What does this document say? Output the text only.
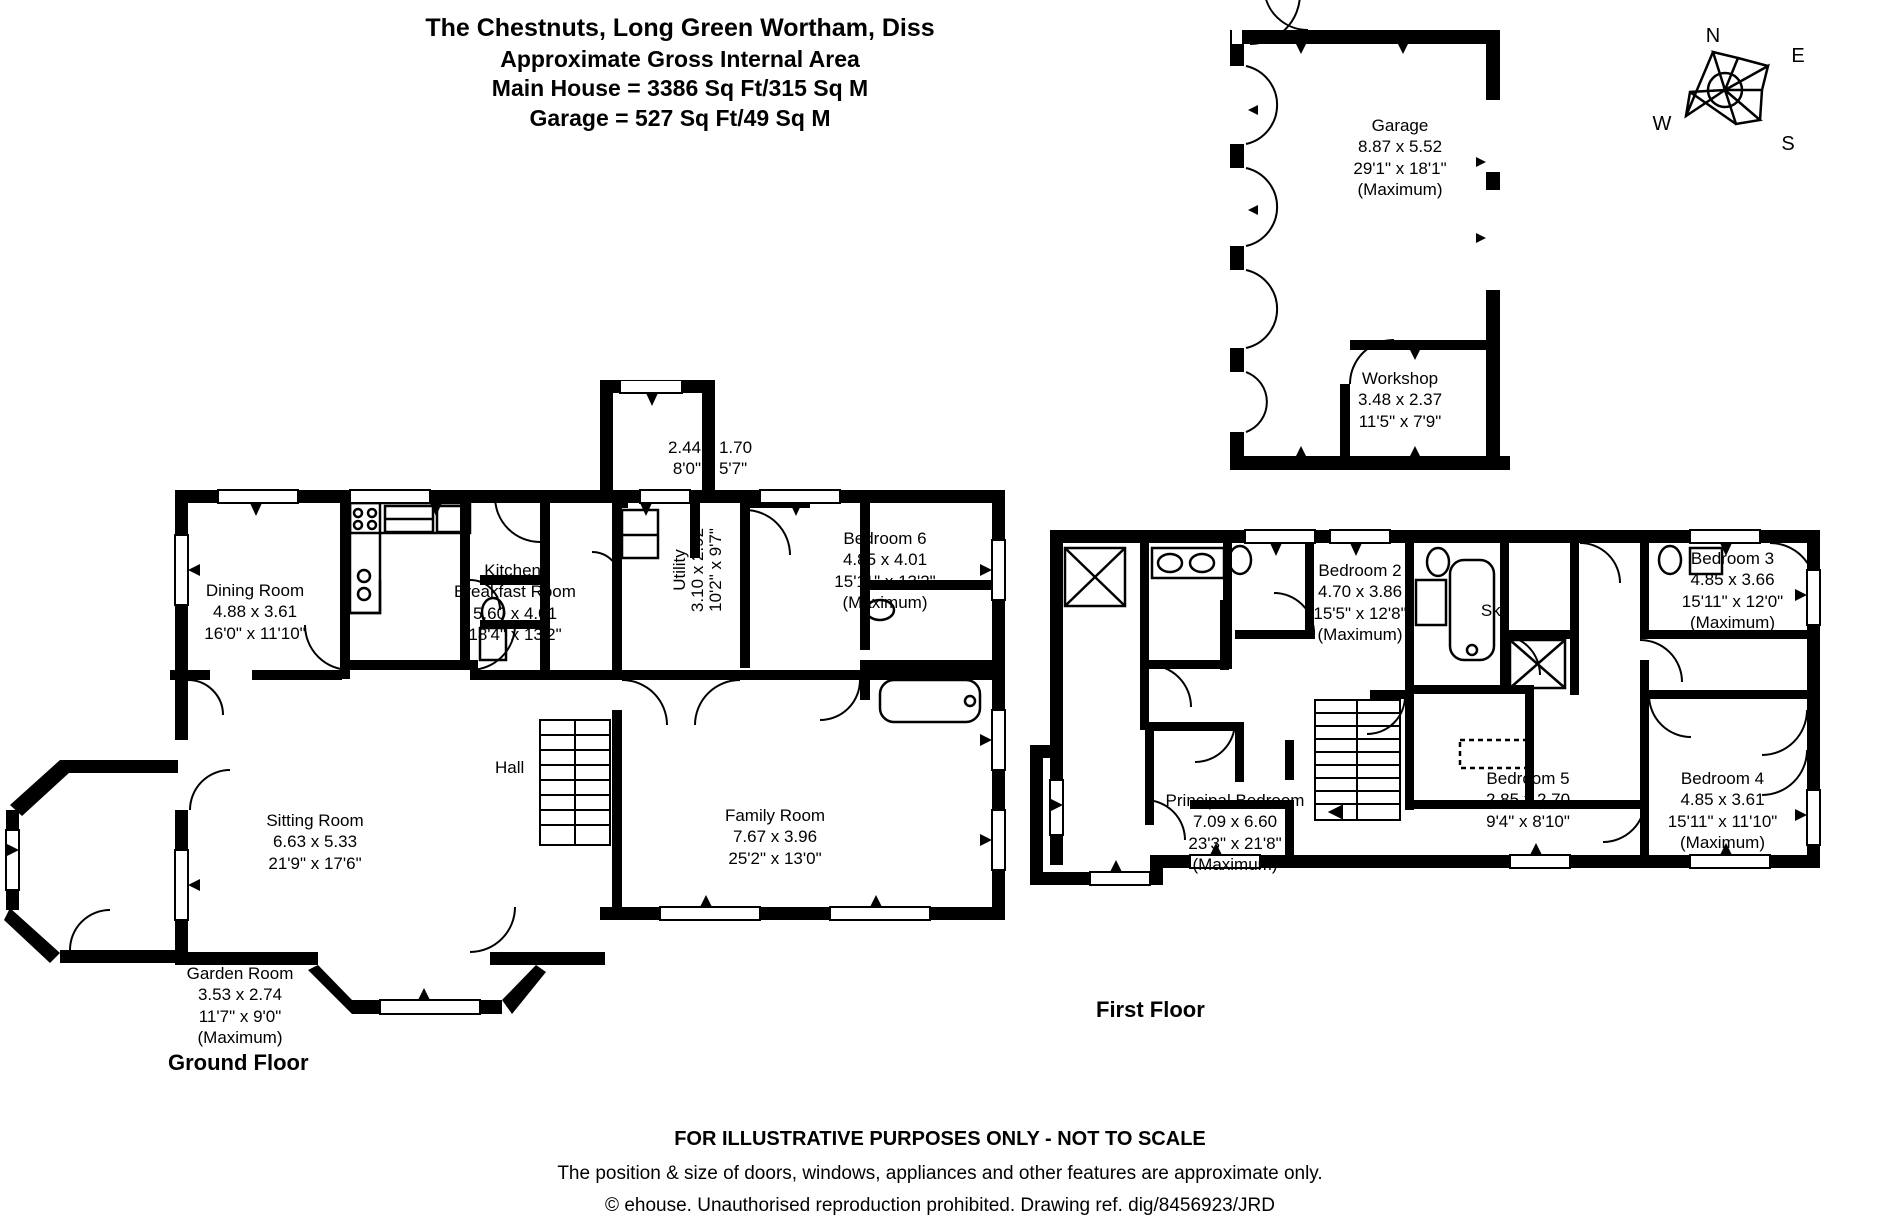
The Chestnuts, Long Green Wortham, Diss
Approximate Gross Internal Area
Main House = 3386 Sq Ft/315 Sq M
Garage = 527 Sq Ft/49 Sq M
N
E
S
W
Garage
8.87 x 5.52
29'1" x 18'1"
(Maximum)
Workshop
3.48 x 2.37
11'5" x 7'9"
Garden Room
3.53 x 2.74
11'7" x 9'0"
(Maximum)
Dining Room
4.88 x 3.61
16'0" x 11'10"
Kitchen/
Breakfast Room
5.60 x 4.01
18'4" x 13'2"
Utility 3.10 x 2.92 10'2" x 9'7"
2.44 x 1.70
8'0" x 5'7"
Bedroom 6
4.85 x 4.01
15'11" x 13'2"
(Maximum)
Sitting Room
6.63 x 5.33
21'9" x 17'6"
Hall
Family Room
7.67 x 3.96
25'2" x 13'0"
Ground Floor
Bedroom 2
4.70 x 3.86
15'5" x 12'8"
(Maximum)
Sky
Bedroom 3
4.85 x 3.66
15'11" x 12'0"
(Maximum)
Bedroom 4
4.85 x 3.61
15'11" x 11'10"
(Maximum)
Bedroom 5
2.85 x 2.70
9'4" x 8'10"
Principal Bedroom
7.09 x 6.60
23'3" x 21'8"
(Maximum)
First Floor
FOR ILLUSTRATIVE PURPOSES ONLY - NOT TO SCALE
The position & size of doors, windows, appliances and other features are approximate only.
© ehouse. Unauthorised reproduction prohibited. Drawing ref. dig/8456923/JRD
